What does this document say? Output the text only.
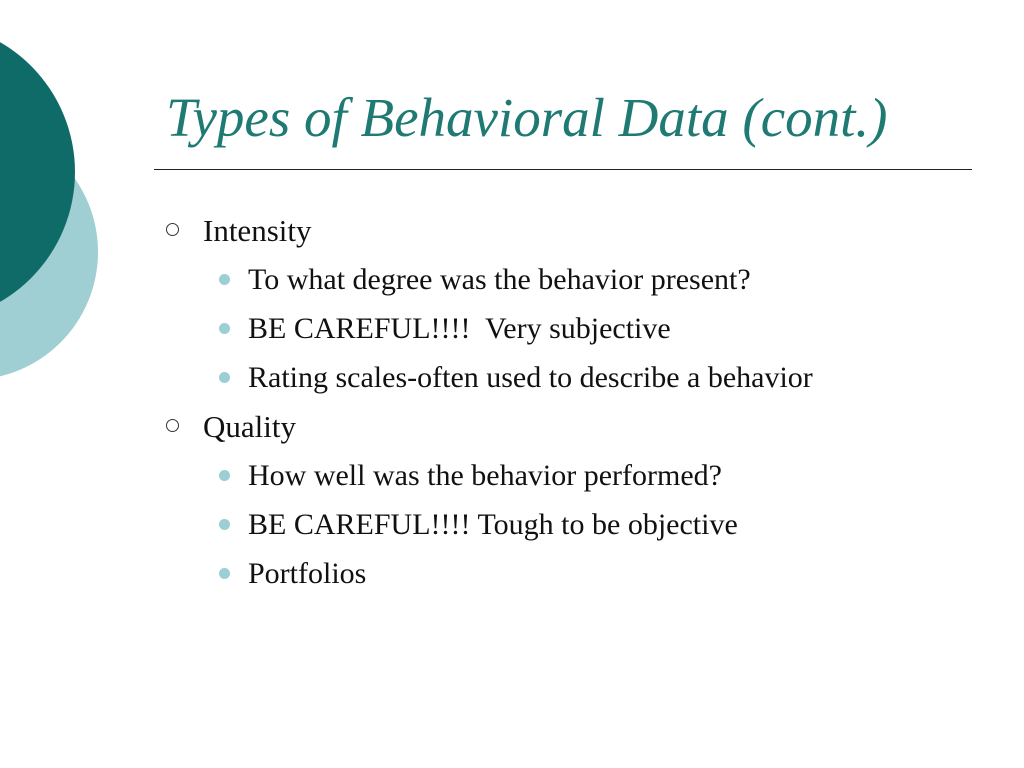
Types of Behavioral Data (cont.)
Intensity
To what degree was the behavior present?
BE CAREFUL!!!!  Very subjective
Rating scales-often used to describe a behavior
Quality
How well was the behavior performed?
BE CAREFUL!!!! Tough to be objective
Portfolios
